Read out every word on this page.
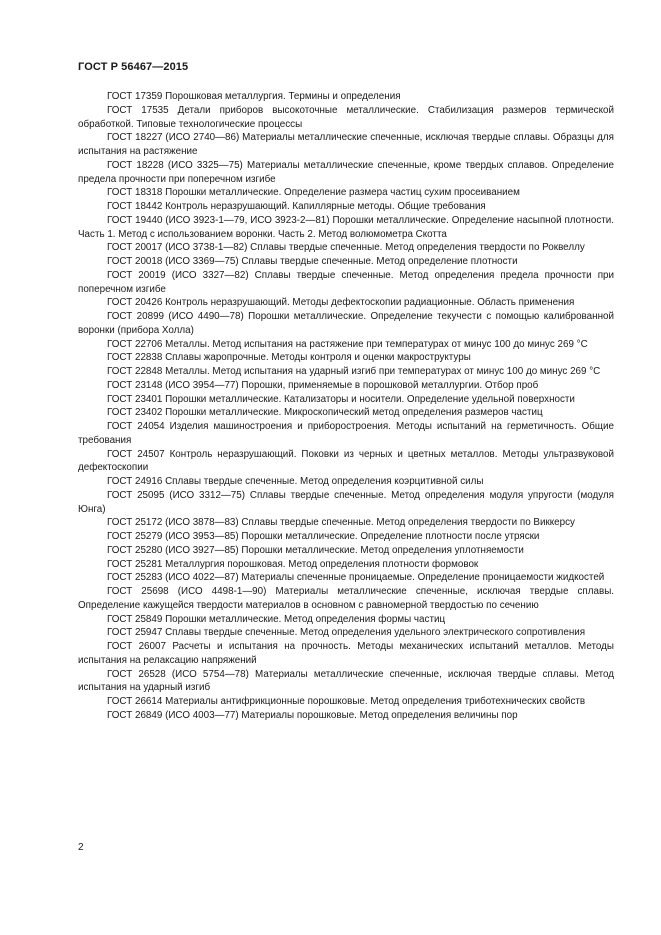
ГОСТ Р 56467—2015

ГОСТ 17359 Порошковая металлургия. Термины и определения

ГОСТ 17535 Детали приборов высокоточные металлические. Стабилизация размеров термической обработкой. Типовые технологические процессы

ГОСТ 18227 (ИСО 2740—86) Материалы металлические спеченные, исключая твердые сплавы. Образцы для испытания на растяжение

ГОСТ 18228 (ИСО 3325—75) Материалы металлические спеченные, кроме твердых сплавов. Определение предела прочности при поперечном изгибе

ГОСТ 18318 Порошки металлические. Определение размера частиц сухим просеиванием

ГОСТ 18442 Контроль неразрушающий. Капиллярные методы. Общие требования

ГОСТ 19440 (ИСО 3923-1—79, ИСО 3923-2—81) Порошки металлические. Определение насыпной плотности. Часть 1. Метод с использованием воронки. Часть 2. Метод волюмометра Скотта

ГОСТ 20017 (ИСО 3738-1—82) Сплавы твердые спеченные. Метод определения твердости по Роквеллу

ГОСТ 20018 (ИСО 3369—75) Сплавы твердые спеченные. Метод определение плотности

ГОСТ 20019 (ИСО 3327—82) Сплавы твердые спеченные. Метод определения предела прочности при поперечном изгибе

ГОСТ 20426 Контроль неразрушающий. Методы дефектоскопии радиационные. Область применения

ГОСТ 20899 (ИСО 4490—78) Порошки металлические. Определение текучести с помощью калиброванной воронки (прибора Холла)

ГОСТ 22706 Металлы. Метод испытания на растяжение при температурах от минус 100 до минус 269 °С

ГОСТ 22838 Сплавы жаропрочные. Методы контроля и оценки макроструктуры

ГОСТ 22848 Металлы. Метод испытания на ударный изгиб при температурах от минус 100 до минус 269 °С

ГОСТ 23148 (ИСО 3954—77) Порошки, применяемые в порошковой металлургии. Отбор проб

ГОСТ 23401 Порошки металлические. Катализаторы и носители. Определение удельной поверхности

ГОСТ 23402 Порошки металлические. Микроскопический метод определения размеров частиц

ГОСТ 24054 Изделия машиностроения и приборостроения. Методы испытаний на герметичность. Общие требования

ГОСТ 24507 Контроль неразрушающий. Поковки из черных и цветных металлов. Методы ультразвуковой дефектоскопии

ГОСТ 24916 Сплавы твердые спеченные. Метод определения коэрцитивной силы

ГОСТ 25095 (ИСО 3312—75) Сплавы твердые спеченные. Метод определения модуля упругости (модуля Юнга)

ГОСТ 25172 (ИСО 3878—83) Сплавы твердые спеченные. Метод определения твердости по Виккерсу

ГОСТ 25279 (ИСО 3953—85) Порошки металлические. Определение плотности после утряски

ГОСТ 25280 (ИСО 3927—85) Порошки металлические. Метод определения уплотняемости

ГОСТ 25281 Металлургия порошковая. Метод определения плотности формовок

ГОСТ 25283 (ИСО 4022—87) Материалы спеченные проницаемые. Определение проницаемости жидкостей

ГОСТ 25698 (ИСО 4498-1—90) Материалы металлические спеченные, исключая твердые сплавы. Определение кажущейся твердости материалов в основном с равномерной твердостью по сечению

ГОСТ 25849 Порошки металлические. Метод определения формы частиц

ГОСТ 25947 Сплавы твердые спеченные. Метод определения удельного электрического сопротивления

ГОСТ 26007 Расчеты и испытания на прочность. Методы механических испытаний металлов. Методы испытания на релаксацию напряжений

ГОСТ 26528 (ИСО 5754—78) Материалы металлические спеченные, исключая твердые сплавы. Метод испытания на ударный изгиб

ГОСТ 26614 Материалы антифрикционные порошковые. Метод определения триботехнических свойств

ГОСТ 26849 (ИСО 4003—77) Материалы порошковые. Метод определения величины пор

2
